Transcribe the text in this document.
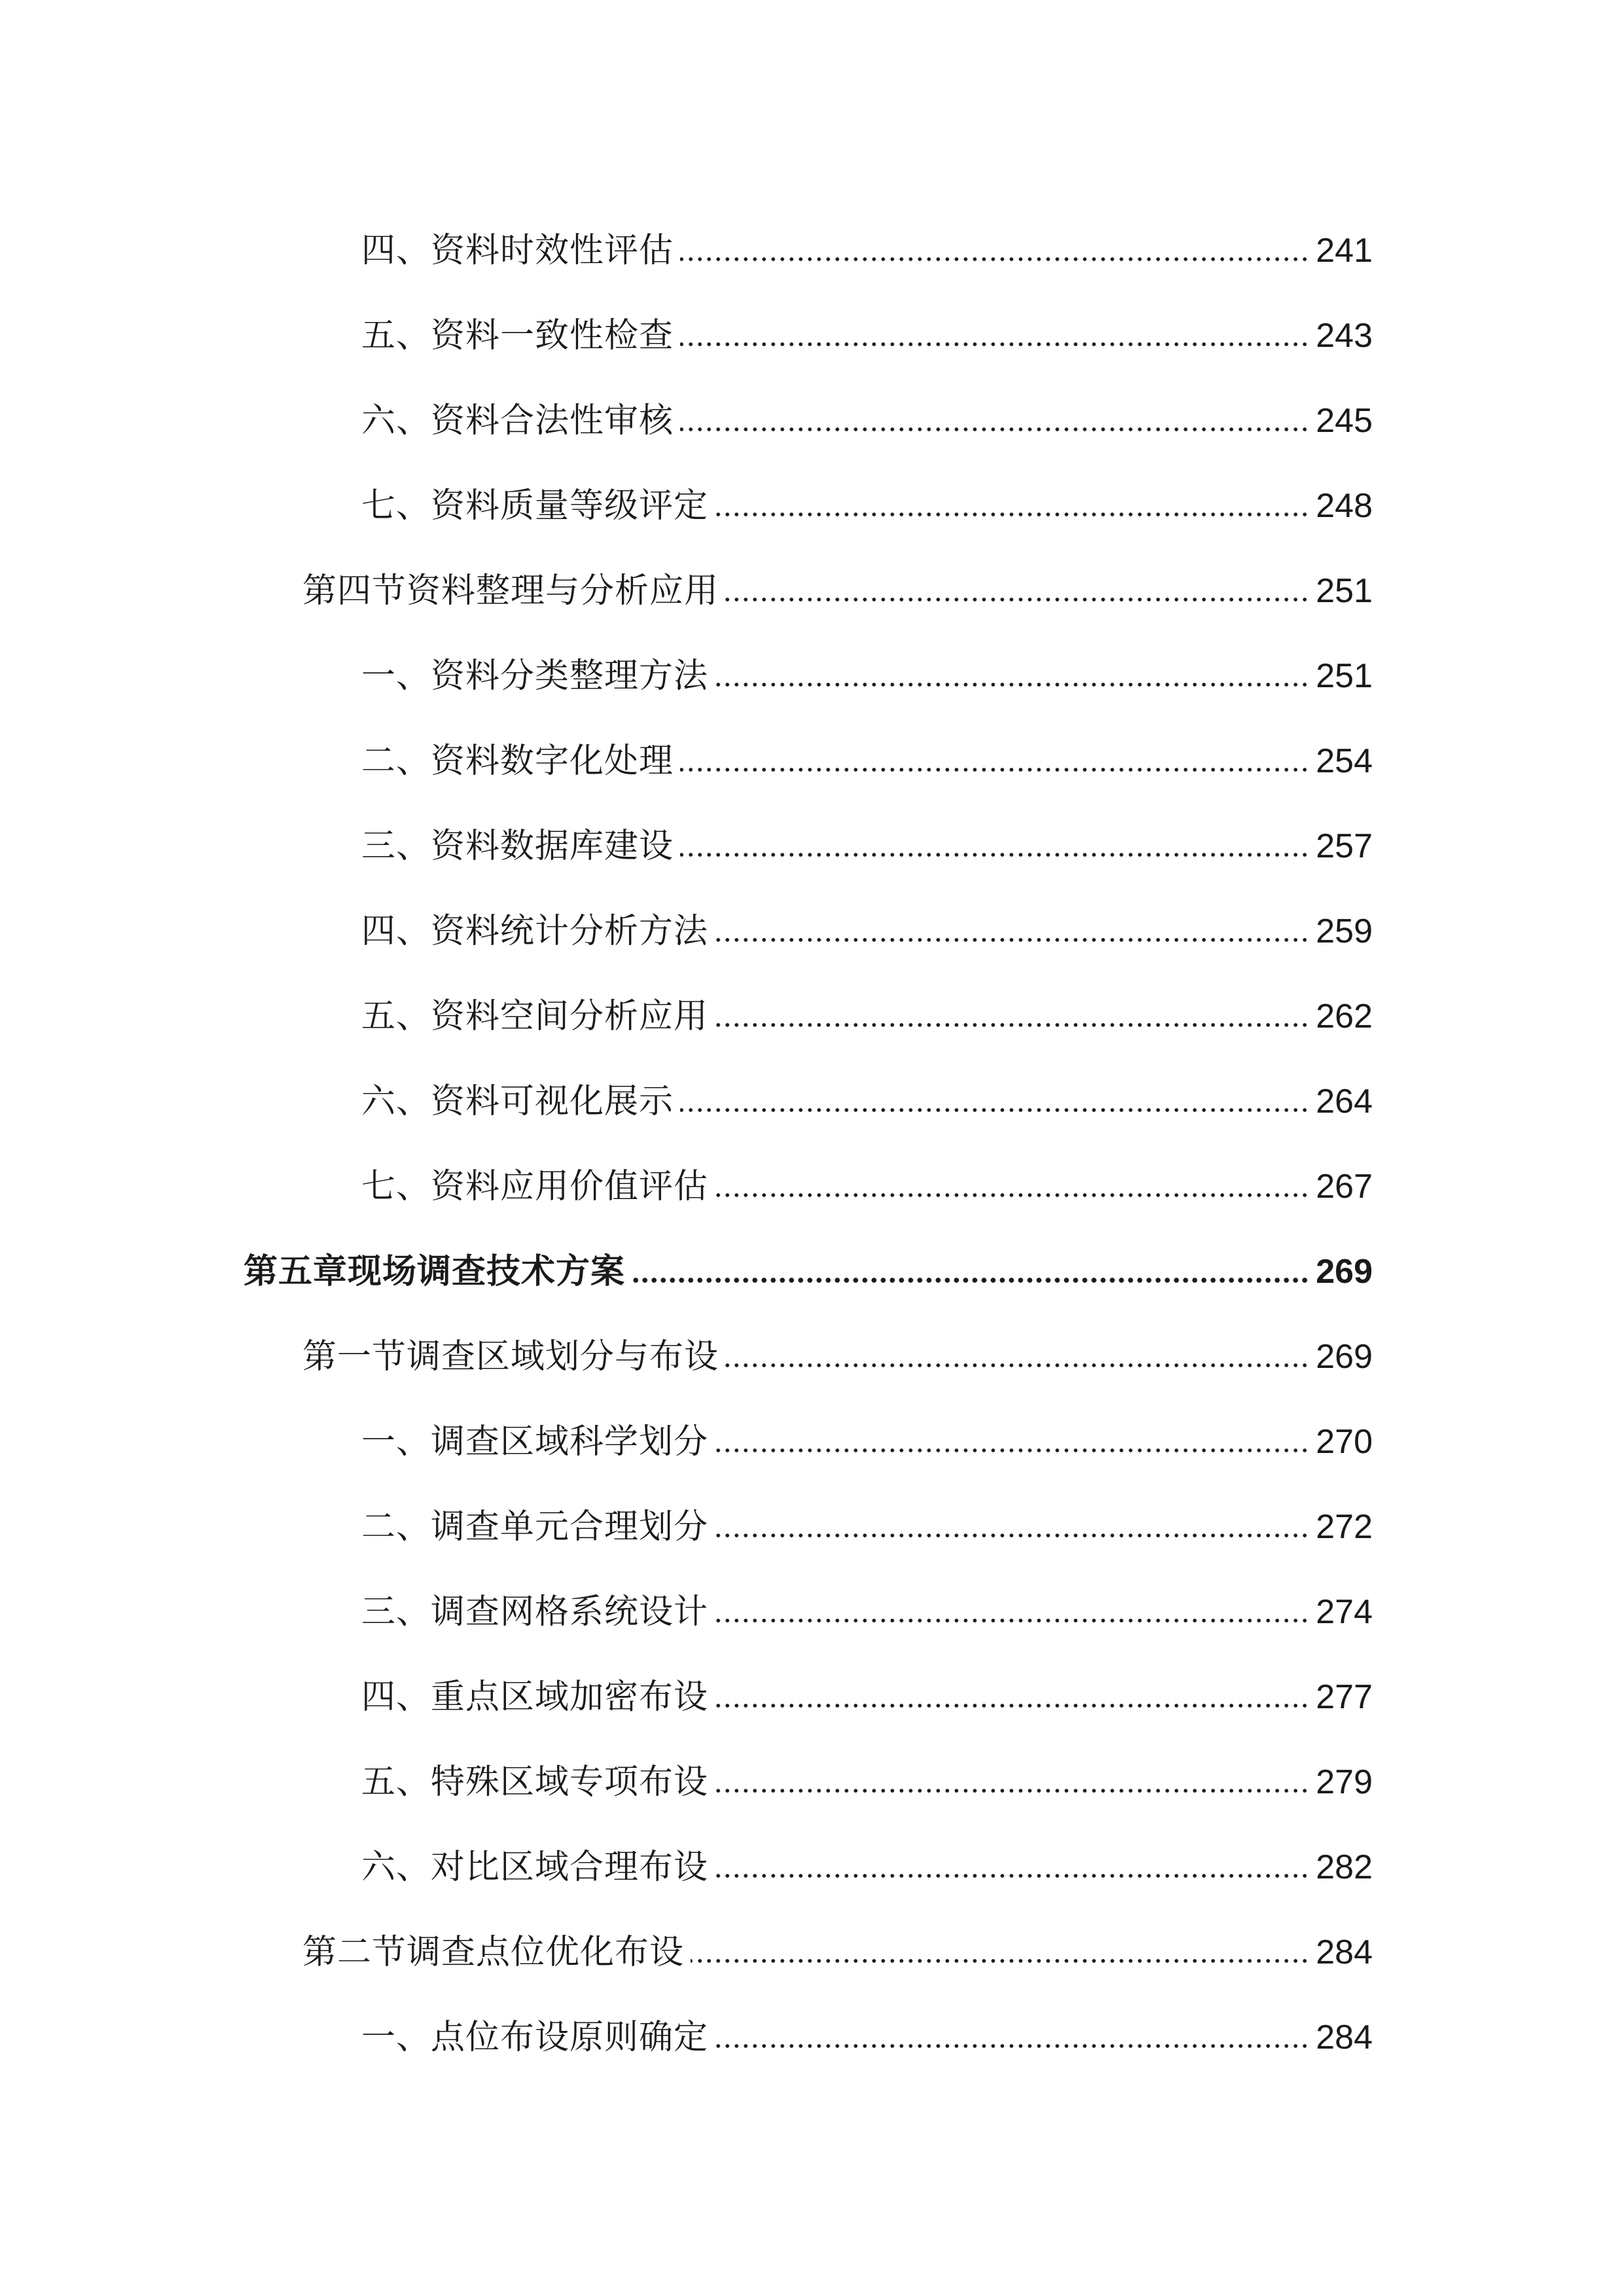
四、资料时效性评估	241
五、资料一致性检查	243
六、资料合法性审核	245
七、资料质量等级评定	248
第四节资料整理与分析应用	251
一、资料分类整理方法	251
二、资料数字化处理	254
三、资料数据库建设	257
四、资料统计分析方法	259
五、资料空间分析应用	262
六、资料可视化展示	264
七、资料应用价值评估	267
第五章现场调查技术方案	269
第一节调查区域划分与布设	269
一、调查区域科学划分	270
二、调查单元合理划分	272
三、调查网格系统设计	274
四、重点区域加密布设	277
五、特殊区域专项布设	279
六、对比区域合理布设	282
第二节调查点位优化布设	284
一、点位布设原则确定	284
